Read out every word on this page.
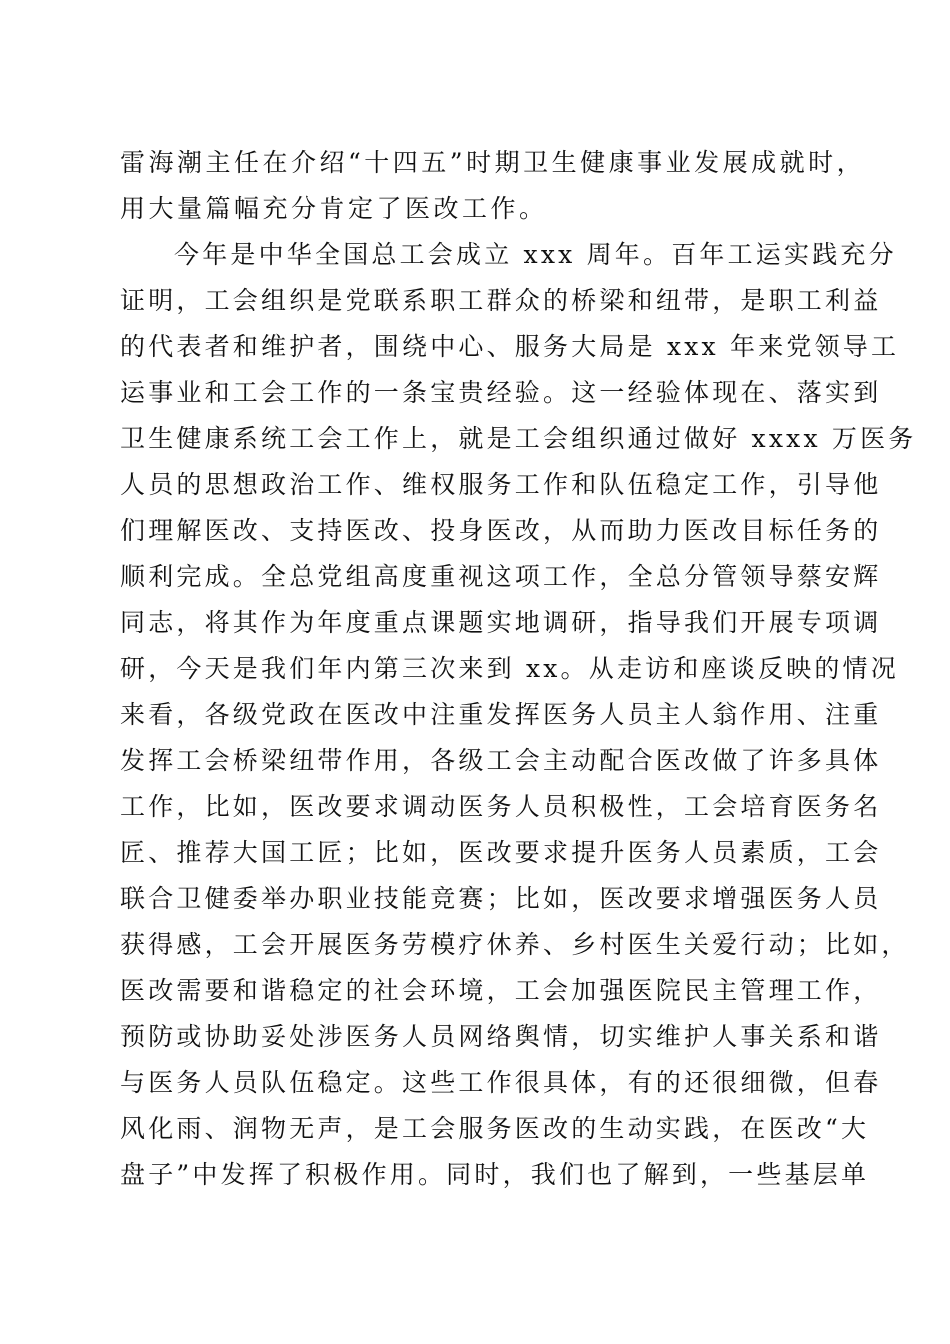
雷海潮主任在介绍“十四五”时期卫生健康事业发展成就时，
用大量篇幅充分肯定了医改工作。
今年是中华全国总工会成立 xxx 周年。百年工运实践充分
证明，工会组织是党联系职工群众的桥梁和纽带，是职工利益
的代表者和维护者，围绕中心、服务大局是 xxx 年来党领导工
运事业和工会工作的一条宝贵经验。这一经验体现在、落实到
卫生健康系统工会工作上，就是工会组织通过做好 xxxx 万医务
人员的思想政治工作、维权服务工作和队伍稳定工作，引导他
们理解医改、支持医改、投身医改，从而助力医改目标任务的
顺利完成。全总党组高度重视这项工作，全总分管领导蔡安辉
同志，将其作为年度重点课题实地调研，指导我们开展专项调
研，今天是我们年内第三次来到 xx。从走访和座谈反映的情况
来看，各级党政在医改中注重发挥医务人员主人翁作用、注重
发挥工会桥梁纽带作用，各级工会主动配合医改做了许多具体
工作，比如，医改要求调动医务人员积极性，工会培育医务名
匠、推荐大国工匠；比如，医改要求提升医务人员素质，工会
联合卫健委举办职业技能竞赛；比如，医改要求增强医务人员
获得感，工会开展医务劳模疗休养、乡村医生关爱行动；比如，
医改需要和谐稳定的社会环境，工会加强医院民主管理工作，
预防或协助妥处涉医务人员网络舆情，切实维护人事关系和谐
与医务人员队伍稳定。这些工作很具体，有的还很细微，但春
风化雨、润物无声，是工会服务医改的生动实践，在医改“大
盘子”中发挥了积极作用。同时，我们也了解到，一些基层单
